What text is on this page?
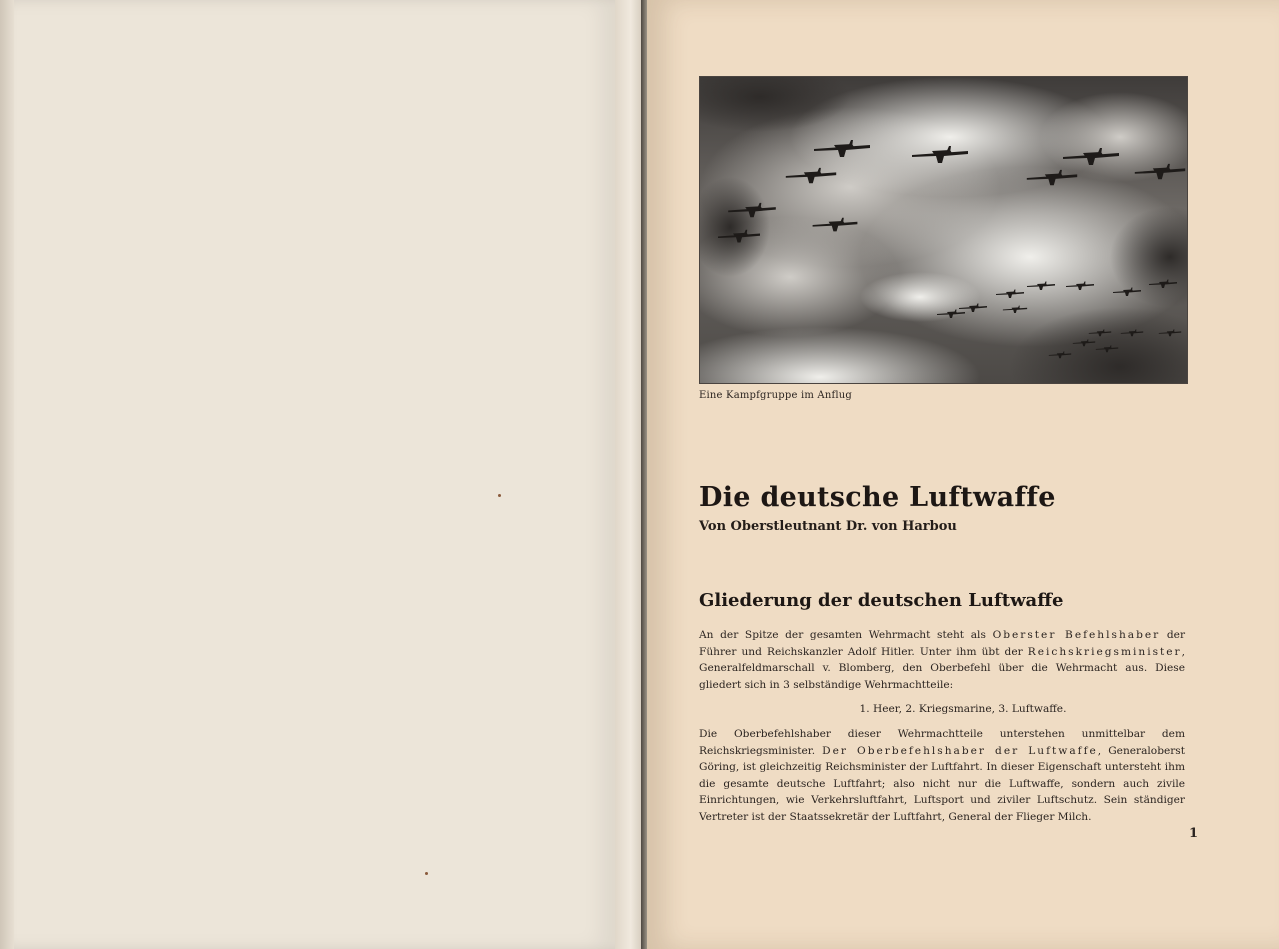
Eine Kampfgruppe im Anflug
Die deutsche Luftwaffe

Von Oberstleutnant Dr. von Harbou

Gliederung der deutschen Luftwaffe

An der Spitze der gesamten Wehrmacht steht als Oberster Befehlshaber der Führer und Reichskanzler Adolf Hitler. Unter ihm übt der Reichskriegsminister, Generalfeldmarschall v. Blomberg, den Oberbefehl über die Wehrmacht aus. Diese gliedert sich in 3 selbständige Wehrmachtteile:

1. Heer, 2. Kriegsmarine, 3. Luftwaffe.

Die Oberbefehlshaber dieser Wehrmachtteile unterstehen unmittelbar dem Reichskriegsminister. Der Oberbefehlshaber der Luftwaffe, Generaloberst Göring, ist gleichzeitig Reichsminister der Luftfahrt. In dieser Eigenschaft untersteht ihm die gesamte deutsche Luftfahrt; also nicht nur die Luftwaffe, sondern auch zivile Einrichtungen, wie Verkehrsluftfahrt, Luftsport und ziviler Luftschutz. Sein ständiger Vertreter ist der Staatssekretär der Luftfahrt, General der Flieger Milch.

1
